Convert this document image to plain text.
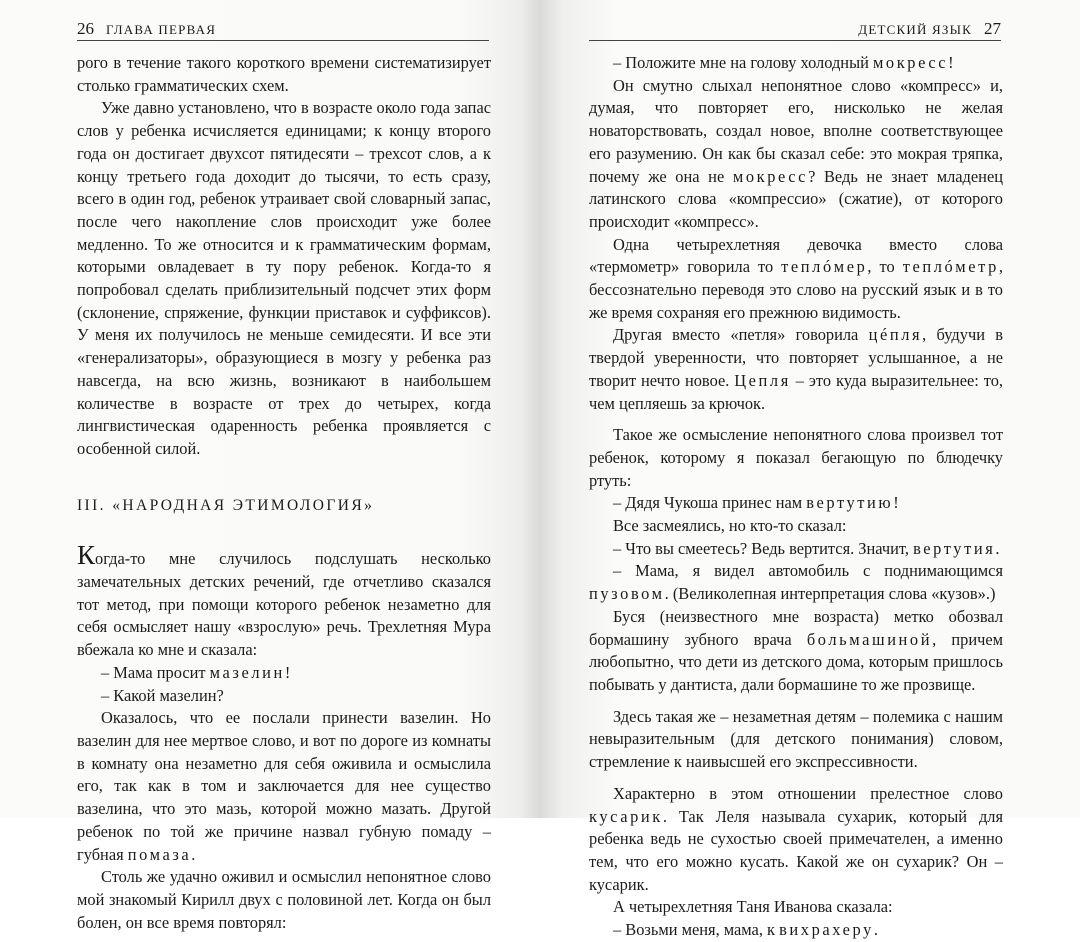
26 ГЛАВА ПЕРВАЯ

рого в течение такого короткого времени систематизирует столько грамматических схем.

Уже давно установлено, что в возрасте около года запас слов у ребенка исчисляется единицами; к концу второго года он достигает двухсот пятидесяти – трехсот слов, а к концу третьего года доходит до тысячи, то есть сразу, всего в один год, ребенок утраивает свой словарный запас, после чего накопление слов происходит уже более медленно. То же относится и к грамматическим формам, которыми овладевает в ту пору ребенок. Когда-то я попробовал сделать приблизительный подсчет этих форм (склонение, спряжение, функции приставок и суффиксов). У меня их получилось не меньше семидесяти. И все эти «генерализаторы», образующиеся в мозгу у ребенка раз навсегда, на всю жизнь, возникают в наибольшем количестве в возрасте от трех до четырех, когда лингвистическая одаренность ребенка проявляется с особенной силой.

III. «НАРОДНАЯ ЭТИМОЛОГИЯ»

Когда-то мне случилось подслушать несколько замечательных детских речений, где отчетливо сказался тот метод, при помощи которого ребенок незаметно для себя осмысляет нашу «взрослую» речь. Трехлетняя Мура вбежала ко мне и сказала:

– Мама просит мазелин!

– Какой мазелин?

Оказалось, что ее послали принести вазелин. Но вазелин для нее мертвое слово, и вот по дороге из комнаты в комнату она незаметно для себя оживила и осмыслила его, так как в том и заключается для нее существо вазелина, что это мазь, которой можно мазать. Другой ребенок по той же причине назвал губную помаду – губная помаза.

Столь же удачно оживил и осмыслил непонятное слово мой знакомый Кирилл двух с половиной лет. Когда он был болен, он все время повторял:

ДЕТСКИЙ ЯЗЫК 27

– Положите мне на голову холодный мокресс!

Он смутно слыхал непонятное слово «компресс» и, думая, что повторяет его, нисколько не желая новаторствовать, создал новое, вполне соответствующее его разумению. Он как бы сказал себе: это мокрая тряпка, почему же она не мокресс? Ведь не знает младенец латинского слова «компрессио» (сжатие), от которого происходит «компресс».

Одна четырехлетняя девочка вместо слова «термометр» говорила то теплóмер, то теплóметр, бессознательно переводя это слово на русский язык и в то же время сохраняя его прежнюю видимость.

Другая вместо «петля» говорила цéпля, будучи в твердой уверенности, что повторяет услышанное, а не творит нечто новое. Цепля – это куда выразительнее: то, чем цепляешь за крючок.

Такое же осмысление непонятного слова произвел тот ребенок, которому я показал бегающую по блюдечку ртуть:

– Дядя Чукоша принес нам вертутию!

Все засмеялись, но кто-то сказал:

– Что вы смеетесь? Ведь вертится. Значит, вертутия.

– Мама, я видел автомобиль с поднимающимся пузовом. (Великолепная интерпретация слова «кузов».)

Буся (неизвестного мне возраста) метко обозвал бормашину зубного врача больмашиной, причем любопытно, что дети из детского дома, которым пришлось побывать у дантиста, дали бормашине то же прозвище.

Здесь такая же – незаметная детям – полемика с нашим невыразительным (для детского понимания) словом, стремление к наивысшей его экспрессивности.

Характерно в этом отношении прелестное слово кусарик. Так Леля называла сухарик, который для ребенка ведь не сухостью своей примечателен, а именно тем, что его можно кусать. Какой же он сухарик? Он – кусарик.

А четырехлетняя Таня Иванова сказала:

– Возьми меня, мама, к вихрахеру.
